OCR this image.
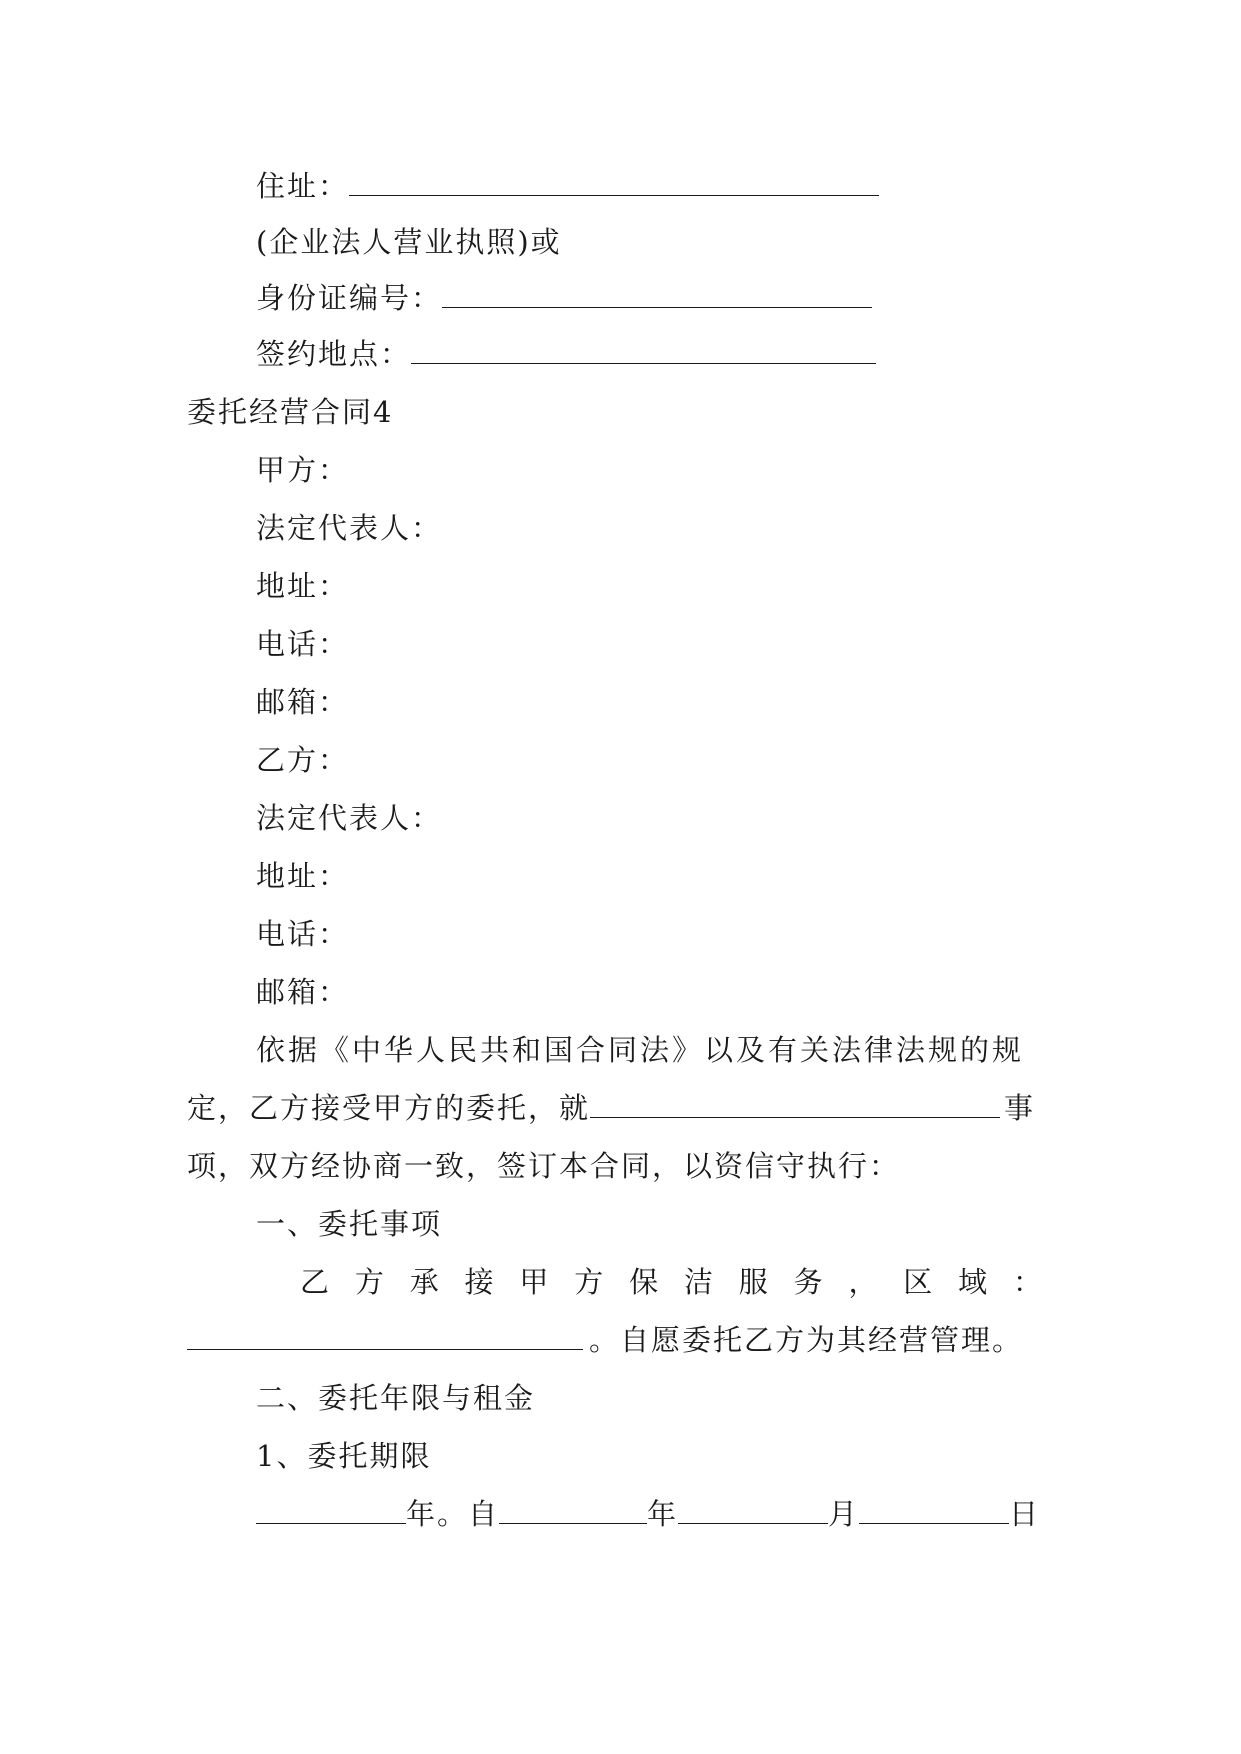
住址：
(企业法人营业执照)或
身份证编号：
签约地点：
委托经营合同4
甲方：
法定代表人：
地址：
电话：
邮箱：
乙方：
法定代表人：
地址：
电话：
邮箱：
依据《中华人民共和国合同法》以及有关法律法规的规
定，乙方接受甲方的委托，就	事
项，双方经协商一致，签订本合同，以资信守执行：
一、委托事项
乙 方 承 接 甲 方 保 洁 服 务 ， 区 域 ：
。自愿委托乙方为其经营管理。
二、委托年限与租金
1、委托期限
年。自	年	月	日
